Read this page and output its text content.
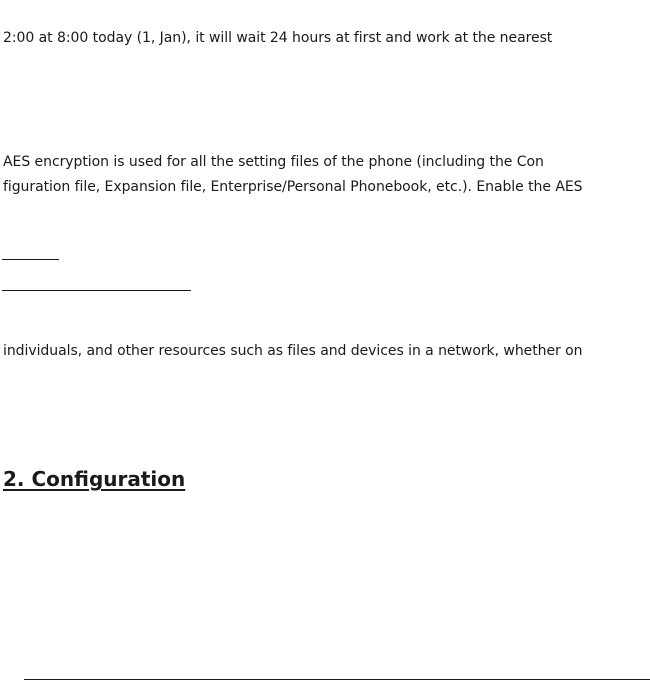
2:00 at 8:00 today (1, Jan), it will wait 24 hours at first and work at the nearest
AES encryption is used for all the setting files of the phone (including the Con
figuration file, Expansion file, Enterprise/Personal Phonebook, etc.). Enable the AES
individuals, and other resources such as files and devices in a network, whether on
2. Configuration
